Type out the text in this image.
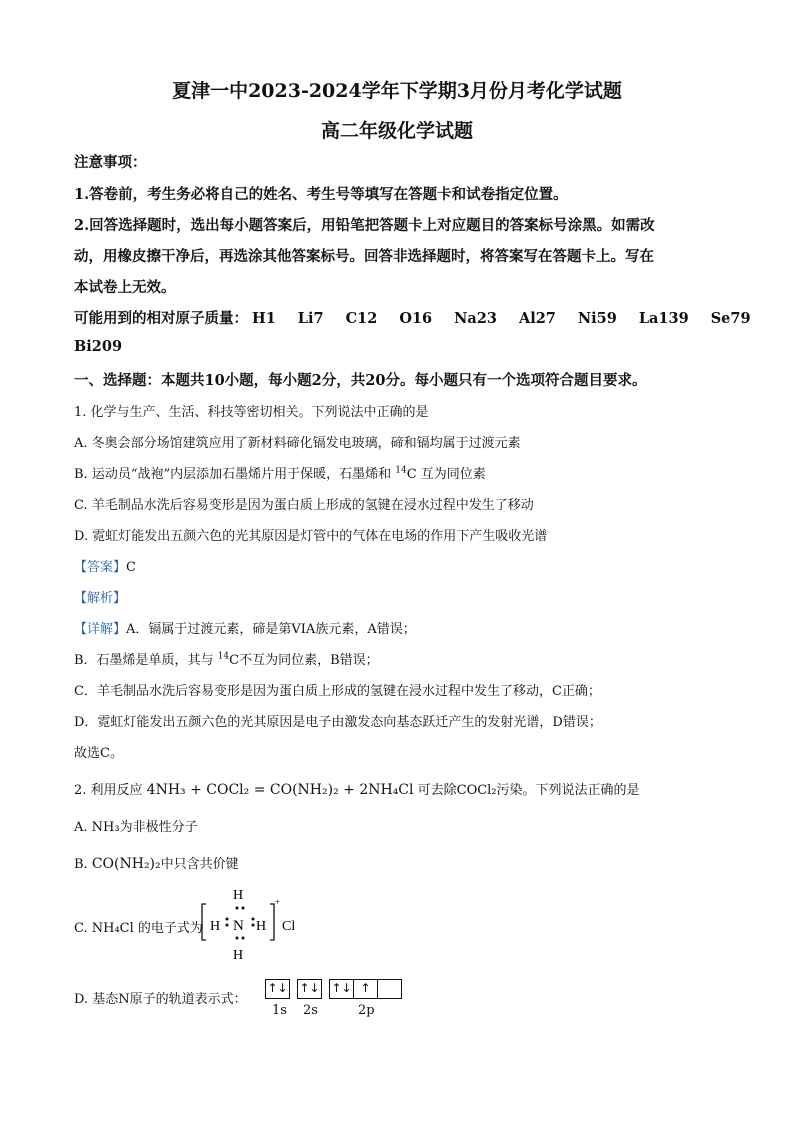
夏津一中2023-2024学年下学期3月份月考化学试题
高二年级化学试题
注意事项：
1.答卷前，考生务必将自己的姓名、考生号等填写在答题卡和试卷指定位置。
2.回答选择题时，选出每小题答案后，用铅笔把答题卡上对应题目的答案标号涂黑。如需改
动，用橡皮擦干净后，再选涂其他答案标号。回答非选择题时，将答案写在答题卡上。写在
本试卷上无效。
可能用到的相对原子质量： H1 Li7 C12 O16 Na23 Al27 Ni59 La139 Se79
Bi209
一、选择题：本题共10小题，每小题2分，共20分。每小题只有一个选项符合题目要求。
1. 化学与生产、生活、科技等密切相关。下列说法中正确的是
A. 冬奥会部分场馆建筑应用了新材料碲化镉发电玻璃，碲和镉均属于过渡元素
B. 运动员“战袍”内层添加石墨烯片用于保暖，石墨烯和 $^{14}$C 互为同位素
C. 羊毛制品水洗后容易变形是因为蛋白质上形成的氢键在浸水过程中发生了移动
D. 霓虹灯能发出五颜六色的光其原因是灯管中的气体在电场的作用下产生吸收光谱
【答案】C
【解析】
【详解】A．镉属于过渡元素，碲是第VIA族元素，A错误；
B．石墨烯是单质，其与 $^{14}$C不互为同位素，B错误；
C．羊毛制品水洗后容易变形是因为蛋白质上形成的氢键在浸水过程中发生了移动，C正确；
D．霓虹灯能发出五颜六色的光其原因是电子由激发态向基态跃迁产生的发射光谱，D错误；
故选C。
2. 利用反应 4NH₃ + COCl₂ = CO(NH₂)₂ + 2NH₄Cl 可去除COCl₂污染。下列说法正确的是
A. NH₃为非极性分子
B. CO(NH₂)₂中只含共价键
C. NH₄Cl 的电子式为
H
H
H	H
N
+
Cl
D. 基态N原子的轨道表示式：
↑↓ ↑↓ ↑↓ ↑
1s 2s	2p
